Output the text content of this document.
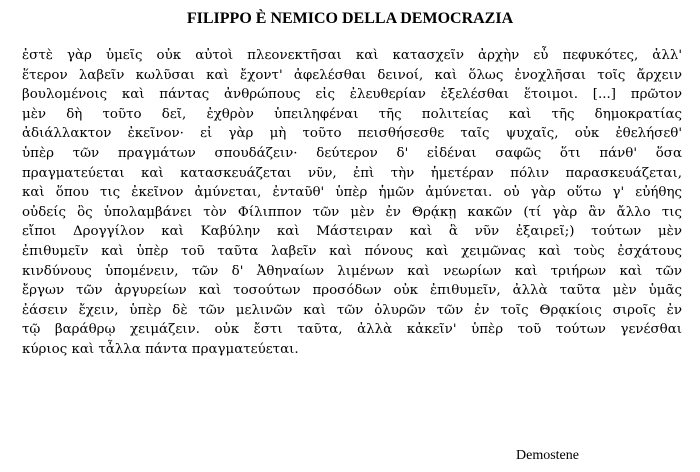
FILIPPO È NEMICO DELLA DEMOCRAZIA
ἐστὲ γὰρ ὑμεῖς οὐκ αὐτοὶ πλεονεκτῆσαι καὶ κατασχεῖν ἀρχὴν εὖ πεφυκότες, ἀλλ'
ἕτερον λαβεῖν κωλῦσαι καὶ ἔχοντ' ἀφελέσθαι δεινοί, καὶ ὅλως ἐνοχλῆσαι τοῖς ἄρχειν
βουλομένοις καὶ πάντας ἀνθρώπους εἰς ἐλευθερίαν ἐξελέσθαι ἕτοιμοι. [...] πρῶτον
μὲν δὴ τοῦτο δεῖ, ἐχθρὸν ὑπειληφέναι τῆς πολιτείας καὶ τῆς δημοκρατίας
ἀδιάλλακτον ἐκεῖνον· εἰ γὰρ μὴ τοῦτο πεισθήσεσθε ταῖς ψυχαῖς, οὐκ ἐθελήσεθ'
ὑπὲρ τῶν πραγμάτων σπουδάζειν· δεύτερον δ' εἰδέναι σαφῶς ὅτι πάνθ' ὅσα
πραγματεύεται καὶ κατασκευάζεται νῦν, ἐπὶ τὴν ἡμετέραν πόλιν παρασκευάζεται,
καὶ ὅπου τις ἐκεῖνον ἀμύνεται, ἐνταῦθ' ὑπὲρ ἡμῶν ἀμύνεται. οὐ γὰρ οὕτω γ' εὐήθης
οὐδείς ὃς ὑπολαμβάνει τὸν Φίλιππον τῶν μὲν ἐν Θρᾴκῃ κακῶν (τί γὰρ ἂν ἄλλο τις
εἴποι Δρογγίλον καὶ Καβύλην καὶ Μάστειραν καὶ ἃ νῦν ἐξαιρεῖ;) τούτων μὲν
ἐπιθυμεῖν καὶ ὑπὲρ τοῦ ταῦτα λαβεῖν καὶ πόνους καὶ χειμῶνας καὶ τοὺς ἐσχάτους
κινδύνους ὑπομένειν, τῶν δ' Ἀθηναίων λιμένων καὶ νεωρίων καὶ τριήρων καὶ τῶν
ἔργων τῶν ἀργυρείων καὶ τοσούτων προσόδων οὐκ ἐπιθυμεῖν, ἀλλὰ ταῦτα μὲν ὑμᾶς
ἐάσειν ἔχειν, ὑπὲρ δὲ τῶν μελινῶν καὶ τῶν ὀλυρῶν τῶν ἐν τοῖς Θρᾳκίοις σιροῖς ἐν
τῷ βαράθρῳ χειμάζειν. οὐκ ἔστι ταῦτα, ἀλλὰ κἀκεῖν' ὑπὲρ τοῦ τούτων γενέσθαι
κύριος καὶ τἆλλα πάντα πραγματεύεται.
Demostene
